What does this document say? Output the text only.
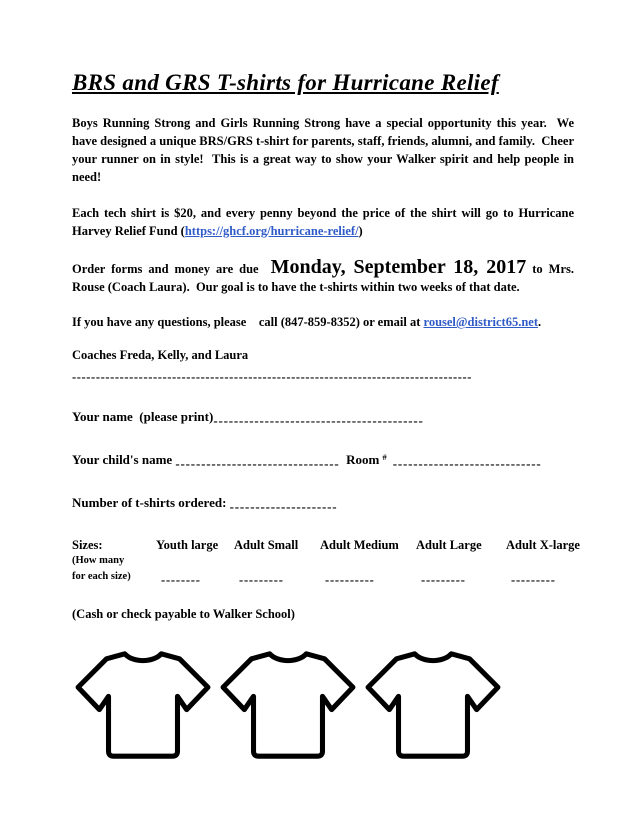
BRS and GRS T-shirts for Hurricane Relief

Boys Running Strong and Girls Running Strong have a special opportunity this year.  We have designed a unique BRS/GRS t-shirt for parents, staff, friends, alumni, and family.  Cheer your runner on in style!  This is a great way to show your Walker spirit and help people in need!

Each tech shirt is $20, and every penny beyond the price of the shirt will go to Hurricane Harvey Relief Fund (https://ghcf.org/hurricane-relief/)

Order forms and money are due  Monday, September 18, 2017 to Mrs. Rouse (Coach Laura).  Our goal is to have the t-shirts within two weeks of that date.

If you have any questions, please    call (847-859-8352) or email at rousel@district65.net.

Coaches Freda, Kelly, and Laura

------------------------------------------------------------------------------------
Your name  (please print)-----------------------------------------
Your child's name --------------------------------  Room # -----------------------------
Number of t-shirts ordered: ---------------------
Sizes:	Youth large	Adult Small	Adult Medium	Adult Large	Adult X-large
(How many
for each size)	--------	---------	----------	---------	---------

(Cash or check payable to Walker School)
